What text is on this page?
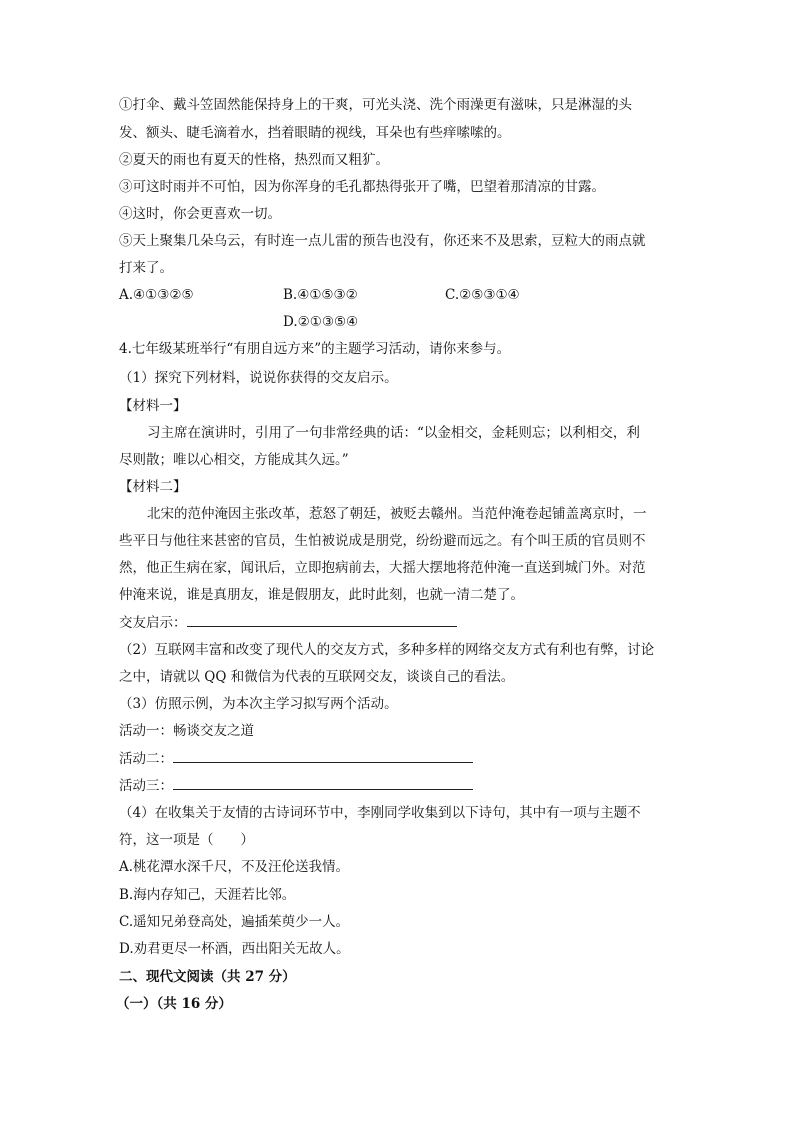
①打伞、戴斗笠固然能保持身上的干爽，可光头浇、洗个雨澡更有滋味，只是淋湿的头
发、额头、睫毛滴着水，挡着眼睛的视线，耳朵也有些痒嗦嗦的。
②夏天的雨也有夏天的性格，热烈而又粗犷。
③可这时雨并不可怕，因为你浑身的毛孔都热得张开了嘴，巴望着那清凉的甘露。
④这时，你会更喜欢一切。
⑤天上聚集几朵乌云，有时连一点儿雷的预告也没有，你还来不及思索，豆粒大的雨点就
打来了。
A.④①③②⑤	B.④①⑤③②	C.②⑤③①④
D.②①③⑤④
4.七年级某班举行“有朋自远方来”的主题学习活动，请你来参与。
（1）探究下列材料，说说你获得的交友启示。
【材料一】
习主席在演讲时，引用了一句非常经典的话：“以金相交，金耗则忘；以利相交，利
尽则散；唯以心相交，方能成其久远。”
【材料二】
北宋的范仲淹因主张改革，惹怒了朝廷，被贬去赣州。当范仲淹卷起铺盖离京时，一
些平日与他往来甚密的官员，生怕被说成是朋党，纷纷避而远之。有个叫王质的官员则不
然，他正生病在家，闻讯后，立即抱病前去，大摇大摆地将范仲淹一直送到城门外。对范
仲淹来说，谁是真朋友，谁是假朋友，此时此刻，也就一清二楚了。
交友启示：
（2）互联网丰富和改变了现代人的交友方式，多种多样的网络交友方式有利也有弊，讨论
之中，请就以 QQ 和微信为代表的互联网交友，谈谈自己的看法。
（3）仿照示例，为本次主学习拟写两个活动。
活动一：畅谈交友之道
活动二：
活动三：
（4）在收集关于友情的古诗词环节中，李刚同学收集到以下诗句，其中有一项与主题不
符，这一项是（　　）
A.桃花潭水深千尺，不及汪伦送我情。
B.海内存知己，天涯若比邻。
C.遥知兄弟登高处，遍插茱萸少一人。
D.劝君更尽一杯酒，西出阳关无故人。
二、现代文阅读（共 27 分）
（一）（共 16 分）
